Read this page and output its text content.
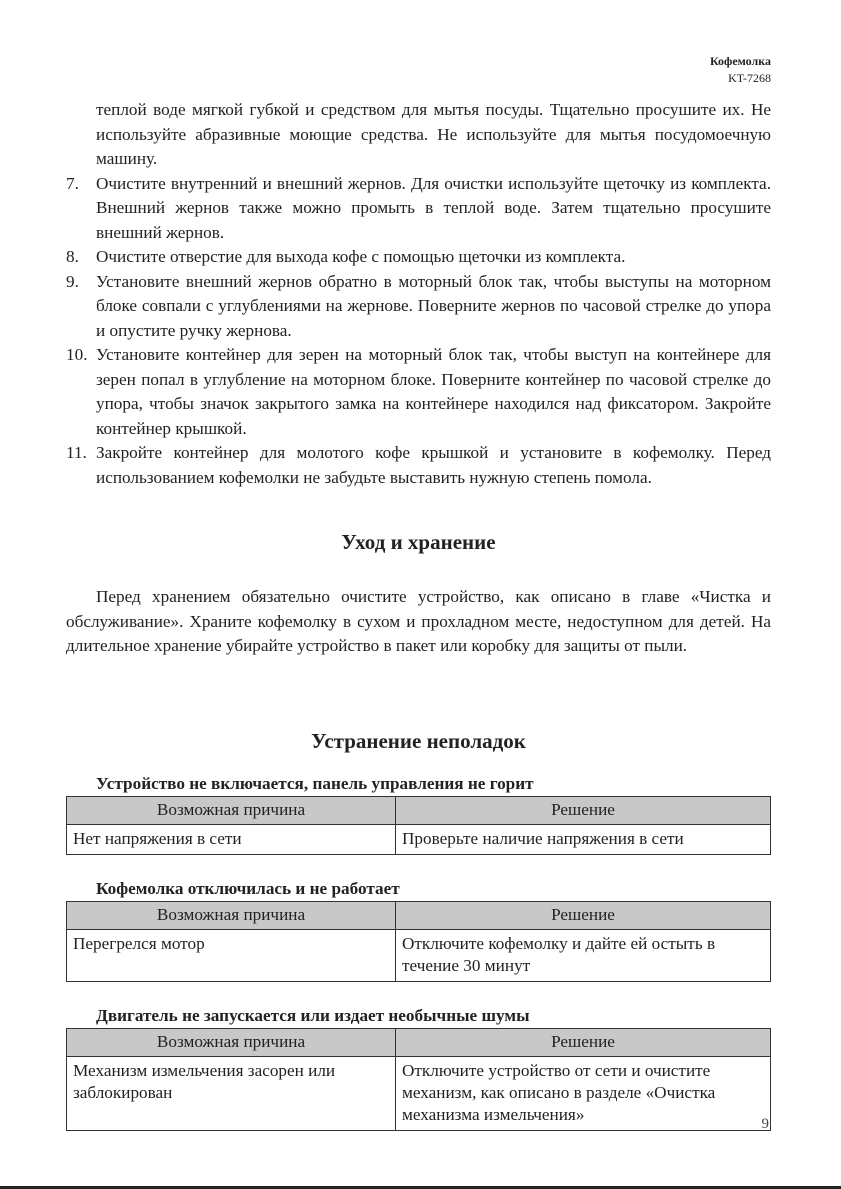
Кофемолка
KT-7268

теплой воде мягкой губкой и средством для мытья посуды. Тщательно просушите их. Не используйте абразивные моющие средства. Не используйте для мытья посудомоечную машину.

7. Очистите внутренний и внешний жернов. Для очистки используйте щеточку из комплекта. Внешний жернов также можно промыть в теплой воде. Затем тщательно просушите внешний жернов.
8. Очистите отверстие для выхода кофе с помощью щеточки из комплекта.
9. Установите внешний жернов обратно в моторный блок так, чтобы выступы на моторном блоке совпали с углублениями на жернове. Поверните жернов по часовой стрелке до упора и опустите ручку жернова.
10. Установите контейнер для зерен на моторный блок так, чтобы выступ на контейнере для зерен попал в углубление на моторном блоке. Поверните контейнер по часовой стрелке до упора, чтобы значок закрытого замка на контейнере находился над фиксатором. Закройте контейнер крышкой.
11. Закройте контейнер для молотого кофе крышкой и установите в кофемолку. Перед использованием кофемолки не забудьте выставить нужную степень помола.
Уход и хранение

Перед хранением обязательно очистите устройство, как описано в главе «Чистка и обслуживание». Храните кофемолку в сухом и прохладном месте, недоступном для детей. На длительное хранение убирайте устройство в пакет или коробку для защиты от пыли.

Устранение неполадок

Устройство не включается, панель управления не горит

Возможная причина	Решение
Нет напряжения в сети	Проверьте наличие напряжения в сети

Кофемолка отключилась и не работает

Возможная причина	Решение
Перегрелся мотор	Отключите кофемолку и дайте ей остыть в течение 30 минут

Двигатель не запускается или издает необычные шумы

Возможная причина	Решение
Механизм измельчения засорен или заблокирован	Отключите устройство от сети и очистите механизм, как описано в разделе «Очистка механизма измельчения»
9
